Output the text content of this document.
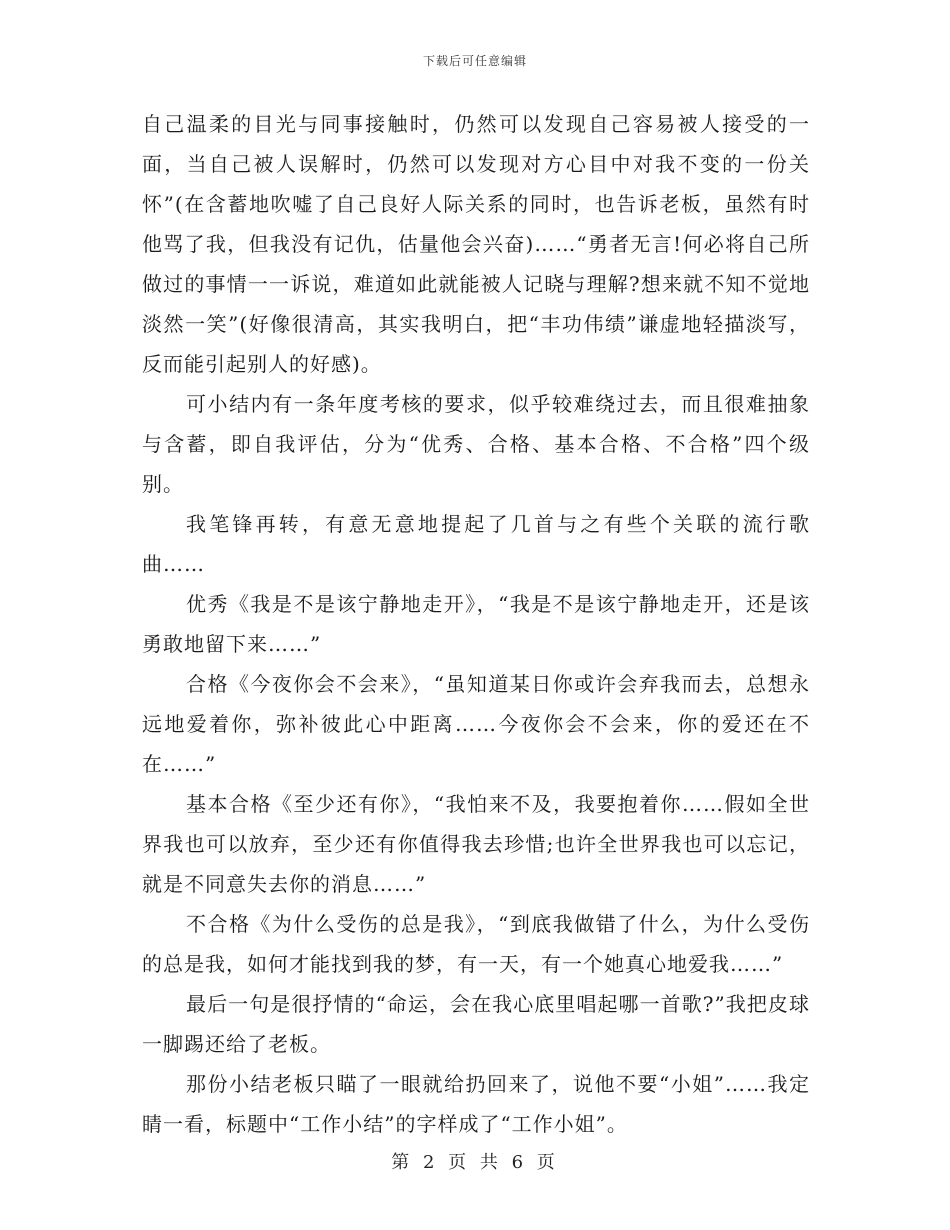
下载后可任意编辑

自己温柔的目光与同事接触时，仍然可以发现自己容易被人接受的一面，当自己被人误解时，仍然可以发现对方心目中对我不变的一份关怀”(在含蓄地吹嘘了自己良好人际关系的同时，也告诉老板，虽然有时他骂了我，但我没有记仇，估量他会兴奋)……“勇者无言!何必将自己所做过的事情一一诉说，难道如此就能被人记晓与理解?想来就不知不觉地淡然一笑”(好像很清高，其实我明白，把“丰功伟绩”谦虚地轻描淡写，反而能引起别人的好感)。

可小结内有一条年度考核的要求，似乎较难绕过去，而且很难抽象与含蓄，即自我评估，分为“优秀、合格、基本合格、不合格”四个级别。

我笔锋再转，有意无意地提起了几首与之有些个关联的流行歌曲……

优秀《我是不是该宁静地走开》，“我是不是该宁静地走开，还是该勇敢地留下来……”

合格《今夜你会不会来》，“虽知道某日你或许会弃我而去，总想永远地爱着你，弥补彼此心中距离……今夜你会不会来，你的爱还在不在……”

基本合格《至少还有你》，“我怕来不及，我要抱着你……假如全世界我也可以放弃，至少还有你值得我去珍惜;也许全世界我也可以忘记，就是不同意失去你的消息……”

不合格《为什么受伤的总是我》，“到底我做错了什么，为什么受伤的总是我，如何才能找到我的梦，有一天，有一个她真心地爱我……”

最后一句是很抒情的“命运，会在我心底里唱起哪一首歌?”我把皮球一脚踢还给了老板。

那份小结老板只瞄了一眼就给扔回来了，说他不要“小姐”……我定睛一看，标题中“工作小结”的字样成了“工作小姐”。

第 2 页 共 6 页
